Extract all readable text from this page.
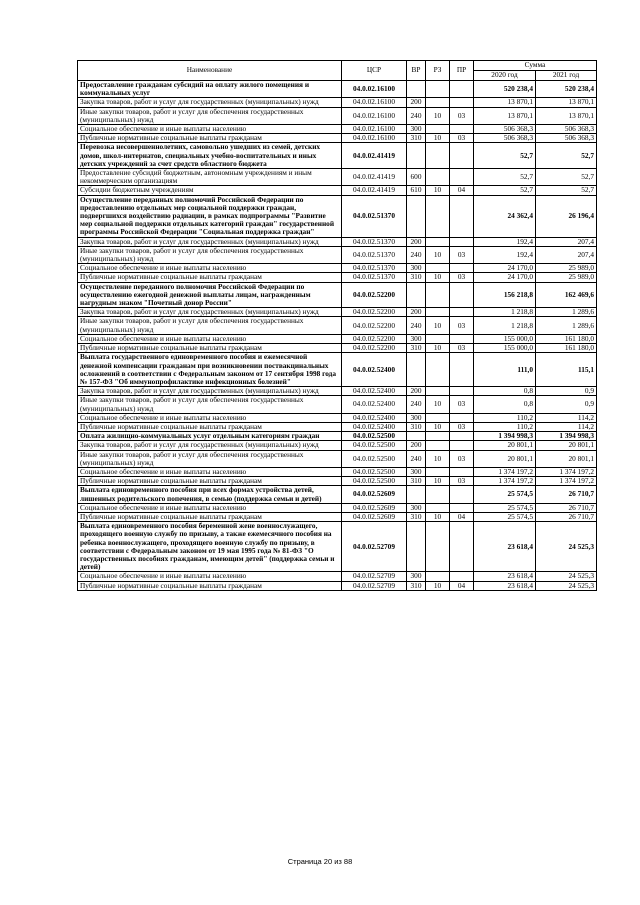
Наименование	ЦСР	ВР	РЗ	ПР	Сумма	
					2020 год	2021 год
Предоставление гражданам субсидий на оплату жилого помещения и коммунальных услуг	04.0.02.16100				520 238,4	520 238,4
Закупка товаров, работ и услуг для государственных (муниципальных) нужд	04.0.02.16100	200			13 870,1	13 870,1
Иные закупки товаров, работ и услуг для обеспечения государственных (муниципальных) нужд	04.0.02.16100	240	10	03	13 870,1	13 870,1
Социальное обеспечение и иные выплаты населению	04.0.02.16100	300			506 368,3	506 368,3
Публичные нормативные социальные выплаты гражданам	04.0.02.16100	310	10	03	506 368,3	506 368,3
Перевозка несовершеннолетних, самовольно ушедших из семей, детских домов, школ-интернатов, специальных учебно-воспитательных и иных детских учреждений за счет средств областного бюджета	04.0.02.41419				52,7	52,7
Предоставление субсидий бюджетным, автономным учреждениям и иным некоммерческим организациям	04.0.02.41419	600			52,7	52,7
Субсидии бюджетным учреждениям	04.0.02.41419	610	10	04	52,7	52,7
Осуществление переданных полномочий Российской Федерации по предоставлению отдельных мер социальной поддержки граждан, подвергшихся воздействию радиации, в рамках подпрограммы "Развитие мер социальной поддержки отдельных категорий граждан" государственной программы Российской Федерации "Социальная поддержка граждан"	04.0.02.51370				24 362,4	26 196,4
Закупка товаров, работ и услуг для государственных (муниципальных) нужд	04.0.02.51370	200			192,4	207,4
Иные закупки товаров, работ и услуг для обеспечения государственных (муниципальных) нужд	04.0.02.51370	240	10	03	192,4	207,4
Социальное обеспечение и иные выплаты населению	04.0.02.51370	300			24 170,0	25 989,0
Публичные нормативные социальные выплаты гражданам	04.0.02.51370	310	10	03	24 170,0	25 989,0
Осуществление переданного полномочия Российской Федерации по осуществлению ежегодной денежной выплаты лицам, награжденным нагрудным знаком "Почетный донор России"	04.0.02.52200				156 218,8	162 469,6
Закупка товаров, работ и услуг для государственных (муниципальных) нужд	04.0.02.52200	200			1 218,8	1 289,6
Иные закупки товаров, работ и услуг для обеспечения государственных (муниципальных) нужд	04.0.02.52200	240	10	03	1 218,8	1 289,6
Социальное обеспечение и иные выплаты населению	04.0.02.52200	300			155 000,0	161 180,0
Публичные нормативные социальные выплаты гражданам	04.0.02.52200	310	10	03	155 000,0	161 180,0
Выплата государственного единовременного пособия и ежемесячной денежной компенсации гражданам при возникновении поствакцинальных осложнений в соответствии с Федеральным законом от 17 сентября 1998 года № 157-ФЗ "Об иммунопрофилактике инфекционных болезней"	04.0.02.52400				111,0	115,1
Закупка товаров, работ и услуг для государственных (муниципальных) нужд	04.0.02.52400	200			0,8	0,9
Иные закупки товаров, работ и услуг для обеспечения государственных (муниципальных) нужд	04.0.02.52400	240	10	03	0,8	0,9
Социальное обеспечение и иные выплаты населению	04.0.02.52400	300			110,2	114,2
Публичные нормативные социальные выплаты гражданам	04.0.02.52400	310	10	03	110,2	114,2
Оплата жилищно-коммунальных услуг отдельным категориям граждан	04.0.02.52500				1 394 998,3	1 394 998,3
Закупка товаров, работ и услуг для государственных (муниципальных) нужд	04.0.02.52500	200			20 801,1	20 801,1
Иные закупки товаров, работ и услуг для обеспечения государственных (муниципальных) нужд	04.0.02.52500	240	10	03	20 801,1	20 801,1
Социальное обеспечение и иные выплаты населению	04.0.02.52500	300			1 374 197,2	1 374 197,2
Публичные нормативные социальные выплаты гражданам	04.0.02.52500	310	10	03	1 374 197,2	1 374 197,2
Выплата единовременного пособия при всех формах устройства детей, лишенных родительского попечения, в семью (поддержка семьи и детей)	04.0.02.52609				25 574,5	26 710,7
Социальное обеспечение и иные выплаты населению	04.0.02.52609	300			25 574,5	26 710,7
Публичные нормативные социальные выплаты гражданам	04.0.02.52609	310	10	04	25 574,5	26 710,7
Выплата единовременного пособия беременной жене военнослужащего, проходящего военную службу по призыву, а также ежемесячного пособия на ребенка военнослужащего, проходящего военную службу по призыву, в соответствии с Федеральным законом от 19 мая 1995 года № 81-ФЗ "О государственных пособиях гражданам, имеющим детей" (поддержка семьи и детей)	04.0.02.52709				23 618,4	24 525,3
Социальное обеспечение и иные выплаты населению	04.0.02.52709	300			23 618,4	24 525,3
Публичные нормативные социальные выплаты гражданам	04.0.02.52709	310	10	04	23 618,4	24 525,3
Страница 20 из 88
